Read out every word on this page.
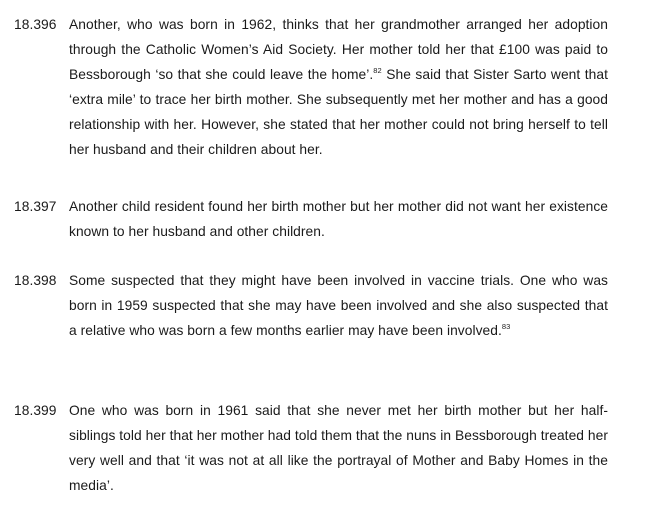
18.396 Another, who was born in 1962, thinks that her grandmother arranged her adoption through the Catholic Women’s Aid Society. Her mother told her that £100 was paid to Bessborough ‘so that she could leave the home’.$^{82}$ She said that Sister Sarto went that ‘extra mile’ to trace her birth mother. She subsequently met her mother and has a good relationship with her. However, she stated that her mother could not bring herself to tell her husband and their children about her.
18.397 Another child resident found her birth mother but her mother did not want her existence known to her husband and other children.
18.398 Some suspected that they might have been involved in vaccine trials. One who was born in 1959 suspected that she may have been involved and she also suspected that a relative who was born a few months earlier may have been involved.$^{83}$
18.399 One who was born in 1961 said that she never met her birth mother but her half-siblings told her that her mother had told them that the nuns in Bessborough treated her very well and that ‘it was not at all like the portrayal of Mother and Baby Homes in the media’.
